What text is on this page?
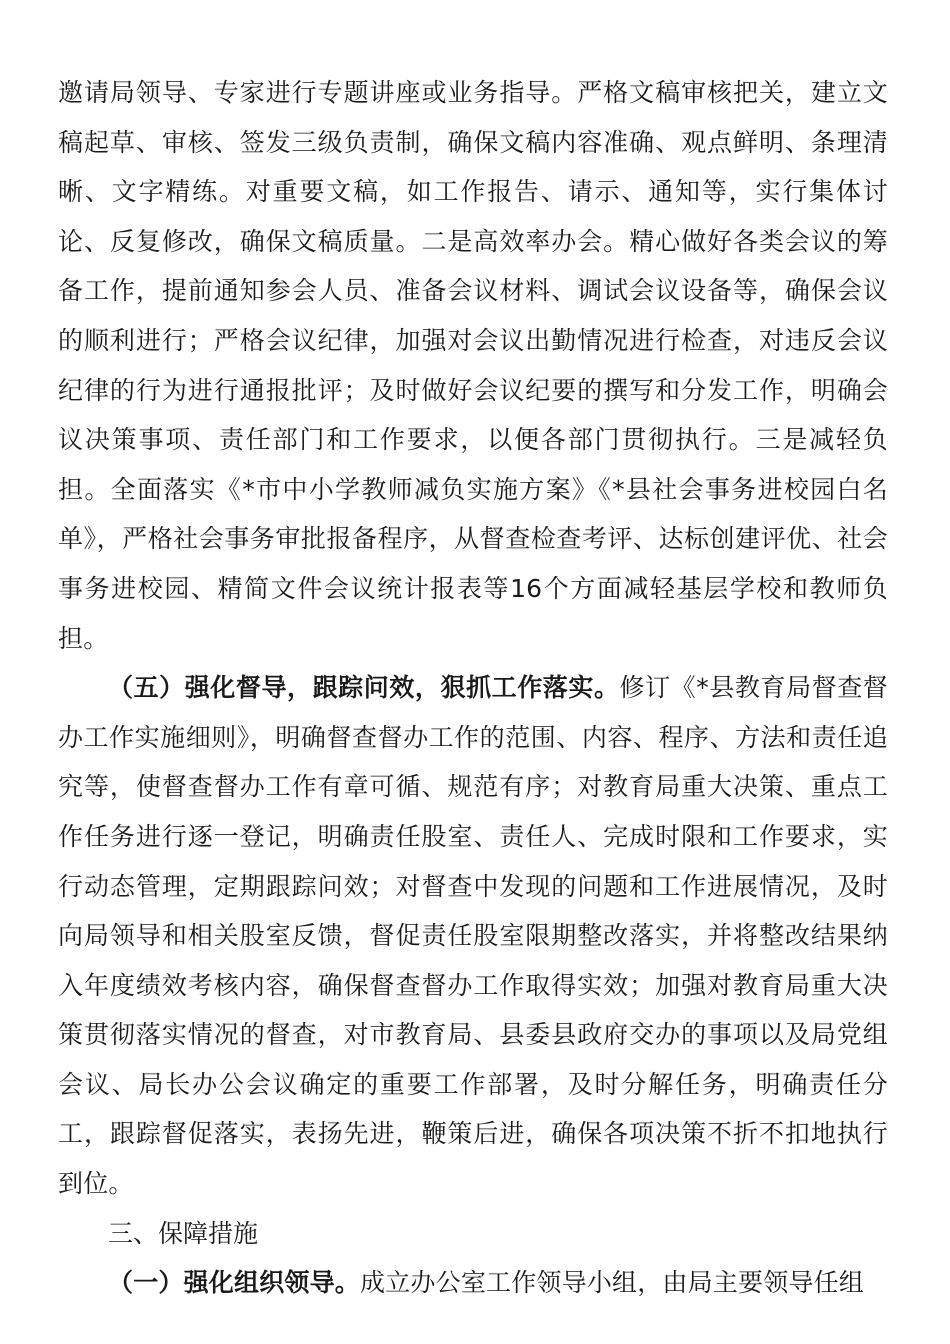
邀请局领导、专家进行专题讲座或业务指导。严格文稿审核把关，建立文稿起草、审核、签发三级负责制，确保文稿内容准确、观点鲜明、条理清晰、文字精练。对重要文稿，如工作报告、请示、通知等，实行集体讨论、反复修改，确保文稿质量。二是高效率办会。精心做好各类会议的筹备工作，提前通知参会人员、准备会议材料、调试会议设备等，确保会议的顺利进行；严格会议纪律，加强对会议出勤情况进行检查，对违反会议纪律的行为进行通报批评；及时做好会议纪要的撰写和分发工作，明确会议决策事项、责任部门和工作要求，以便各部门贯彻执行。三是减轻负担。全面落实《*市中小学教师减负实施方案》《*县社会事务进校园白名单》，严格社会事务审批报备程序，从督查检查考评、达标创建评优、社会事务进校园、精简文件会议统计报表等16个方面减轻基层学校和教师负担。

（五）强化督导，跟踪问效，狠抓工作落实。修订《*县教育局督查督办工作实施细则》，明确督查督办工作的范围、内容、程序、方法和责任追究等，使督查督办工作有章可循、规范有序；对教育局重大决策、重点工作任务进行逐一登记，明确责任股室、责任人、完成时限和工作要求，实行动态管理，定期跟踪问效；对督查中发现的问题和工作进展情况，及时向局领导和相关股室反馈，督促责任股室限期整改落实，并将整改结果纳入年度绩效考核内容，确保督查督办工作取得实效；加强对教育局重大决策贯彻落实情况的督查，对市教育局、县委县政府交办的事项以及局党组会议、局长办公会议确定的重要工作部署，及时分解任务，明确责任分工，跟踪督促落实，表扬先进，鞭策后进，确保各项决策不折不扣地执行到位。

三、保障措施

（一）强化组织领导。成立办公室工作领导小组，由局主要领导任组
